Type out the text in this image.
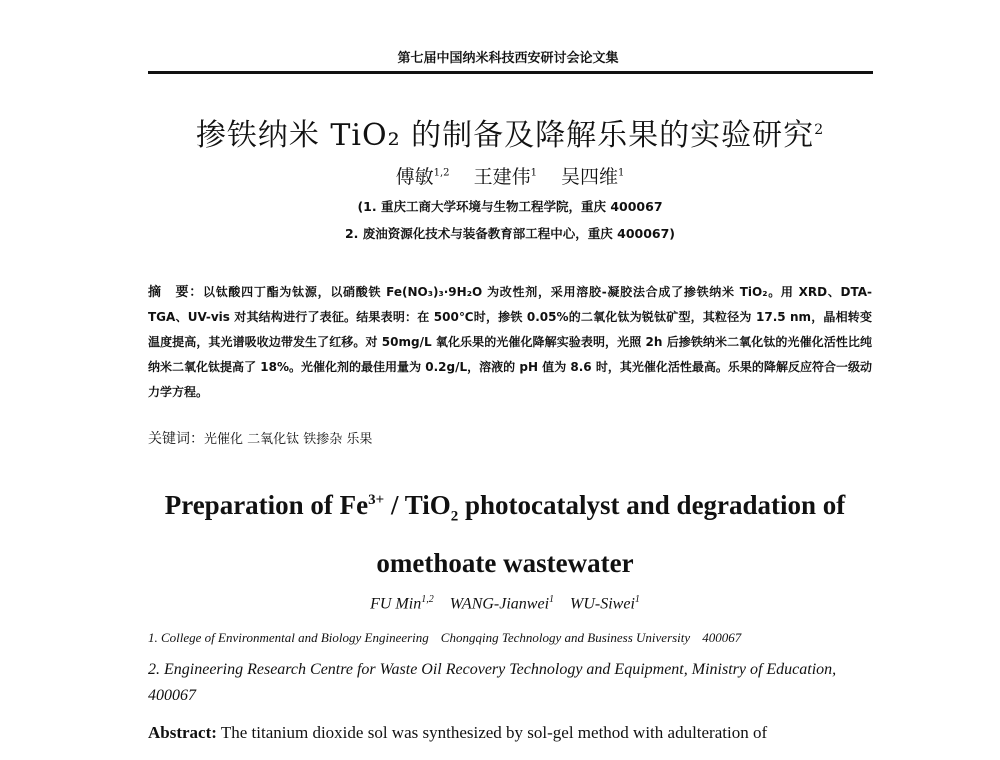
第七届中国纳米科技西安研讨会论文集
掺铁纳米 TiO₂ 的制备及降解乐果的实验研究$^2$
傅敏$^{1,2}$ 王建伟$^1$ 吴四维$^1$
(1. 重庆工商大学环境与生物工程学院，重庆 400067
2. 废油资源化技术与装备教育部工程中心，重庆 400067)
摘　要：以钛酸四丁酯为钛源，以硝酸铁 Fe(NO₃)₃·9H₂O 为改性剂，采用溶胶-凝胶法合成了掺铁纳米 TiO₂。用 XRD、DTA-TGA、UV-vis 对其结构进行了表征。结果表明：在 500℃时，掺铁 0.05%的二氧化钛为锐钛矿型，其粒径为 17.5 nm，晶相转变温度提高，其光谱吸收边带发生了红移。对 50mg/L 氧化乐果的光催化降解实验表明，光照 2h 后掺铁纳米二氧化钛的光催化活性比纯纳米二氧化钛提高了 18%。光催化剂的最佳用量为 0.2g/L，溶液的 pH 值为 8.6 时，其光催化活性最高。乐果的降解反应符合一级动力学方程。
关键词：光催化 二氧化钛 铁掺杂 乐果
Preparation of $Fe^{3+} / TiO_2$ photocatalyst and degradation of
omethoate wastewater
FU Min$^{1,2}$ WANG-Jianwei$^1$ WU-Siwei$^1$
1. College of Environmental and Biology Engineering Chongqing Technology and Business University 400067
2. Engineering Research Centre for Waste Oil Recovery Technology and Equipment, Ministry of Education, 400067
Abstract: The titanium dioxide sol was synthesized by sol-gel method with adulteration of
